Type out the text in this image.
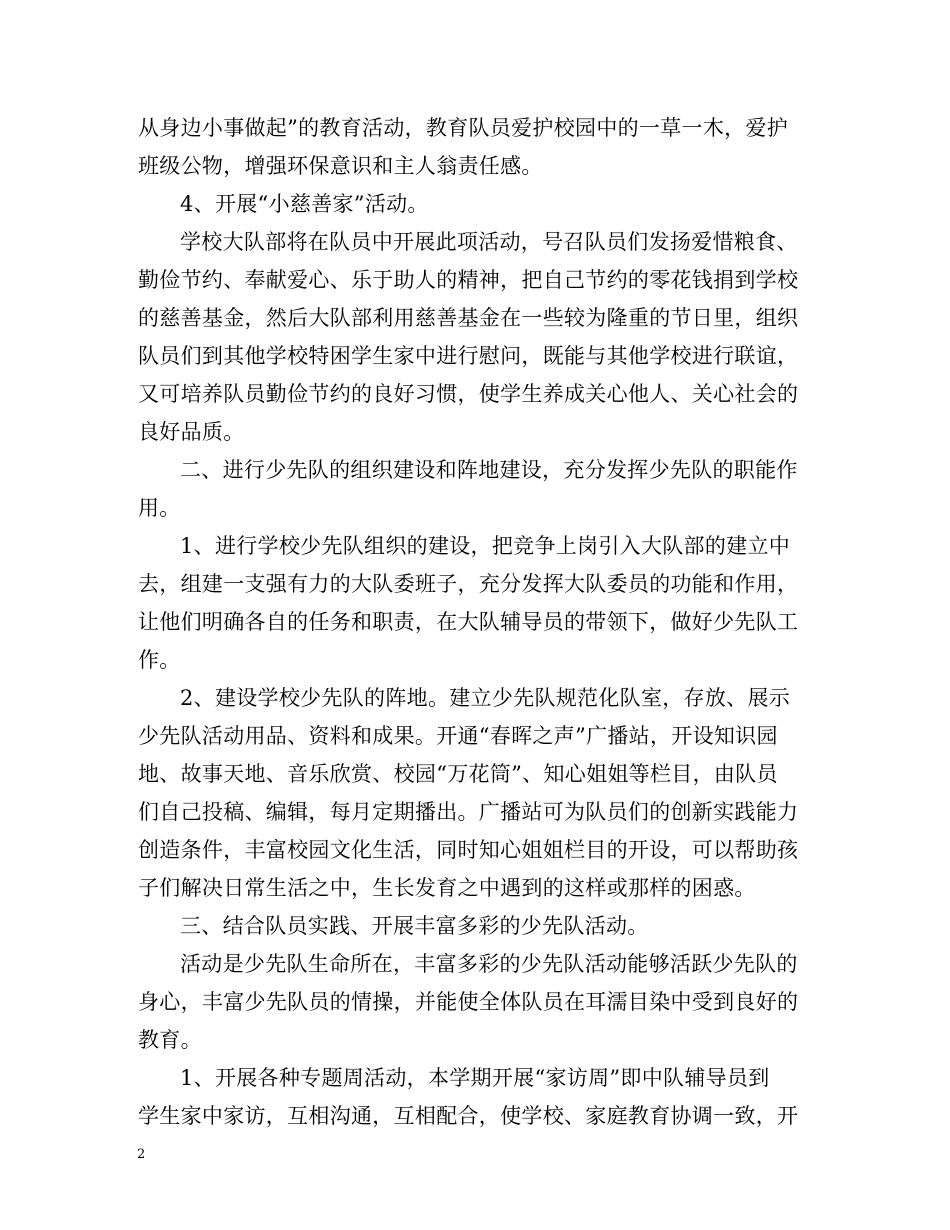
从身边小事做起”的教育活动，教育队员爱护校园中的一草一木，爱护
班级公物，增强环保意识和主人翁责任感。
4、开展“小慈善家”活动。
学校大队部将在队员中开展此项活动，号召队员们发扬爱惜粮食、
勤俭节约、奉献爱心、乐于助人的精神，把自己节约的零花钱捐到学校
的慈善基金，然后大队部利用慈善基金在一些较为隆重的节日里，组织
队员们到其他学校特困学生家中进行慰问，既能与其他学校进行联谊，
又可培养队员勤俭节约的良好习惯，使学生养成关心他人、关心社会的
良好品质。
二、进行少先队的组织建设和阵地建设，充分发挥少先队的职能作
用。
1、进行学校少先队组织的建设，把竞争上岗引入大队部的建立中
去，组建一支强有力的大队委班子，充分发挥大队委员的功能和作用，
让他们明确各自的任务和职责，在大队辅导员的带领下，做好少先队工
作。
2、建设学校少先队的阵地。建立少先队规范化队室，存放、展示
少先队活动用品、资料和成果。开通“春晖之声”广播站，开设知识园
地、故事天地、音乐欣赏、校园“万花筒”、知心姐姐等栏目，由队员
们自己投稿、编辑，每月定期播出。广播站可为队员们的创新实践能力
创造条件，丰富校园文化生活，同时知心姐姐栏目的开设，可以帮助孩
子们解决日常生活之中，生长发育之中遇到的这样或那样的困惑。
三、结合队员实践、开展丰富多彩的少先队活动。
活动是少先队生命所在，丰富多彩的少先队活动能够活跃少先队的
身心，丰富少先队员的情操，并能使全体队员在耳濡目染中受到良好的
教育。
1、开展各种专题周活动，本学期开展“家访周”即中队辅导员到
学生家中家访，互相沟通，互相配合，使学校、家庭教育协调一致，开
2
